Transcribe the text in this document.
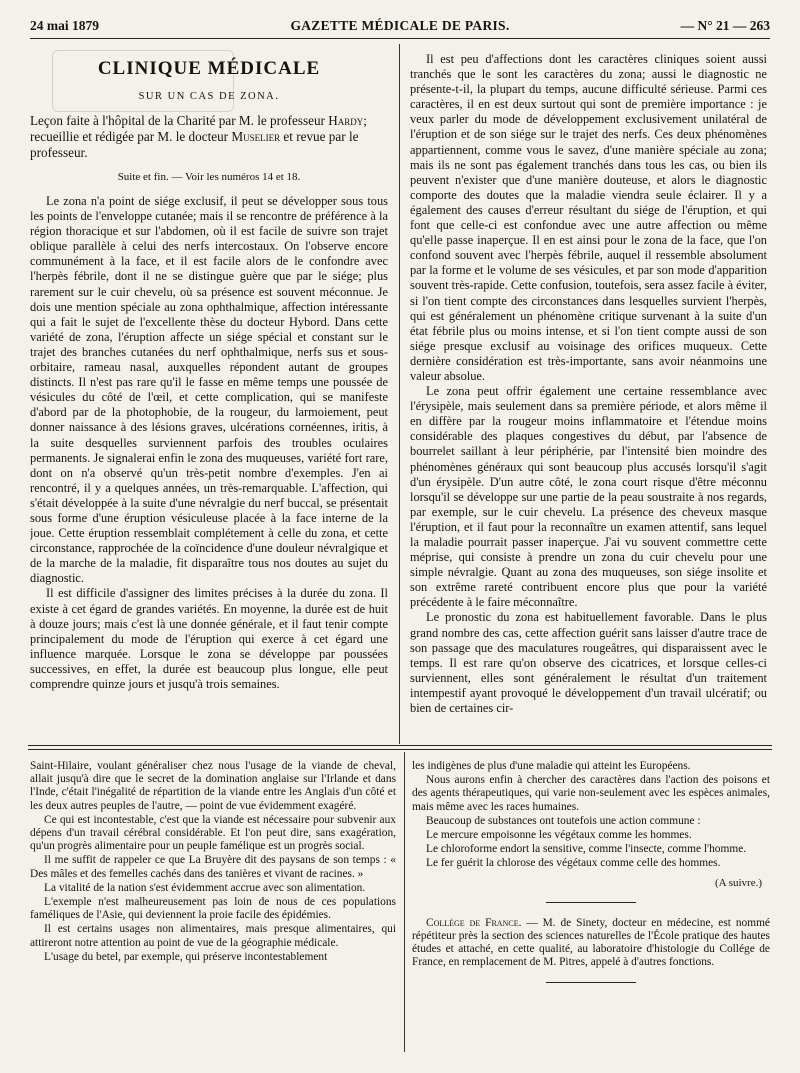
24 mai 1879	GAZETTE MÉDICALE DE PARIS.	— N° 21 — 263
CLINIQUE MÉDICALE
SUR UN CAS DE ZONA.

Leçon faite à l'hôpital de la Charité par M. le professeur Hardy; recueillie et rédigée par M. le docteur Muselier et revue par le professeur.

Suite et fin. — Voir les numéros 14 et 18.

Le zona n'a point de siége exclusif, il peut se développer sous tous les points de l'enveloppe cutanée; mais il se rencontre de préférence à la région thoracique et sur l'abdomen, où il est facile de suivre son trajet oblique parallèle à celui des nerfs intercostaux. On l'observe encore communément à la face, et il est facile alors de le confondre avec l'herpès fébrile, dont il ne se distingue guère que par le siége; plus rarement sur le cuir chevelu, où sa présence est souvent méconnue. Je dois une mention spéciale au zona ophthalmique, affection intéressante qui a fait le sujet de l'excellente thèse du docteur Hybord. Dans cette variété de zona, l'éruption affecte un siége spécial et constant sur le trajet des branches cutanées du nerf ophthalmique, nerfs sus et sous-orbitaire, rameau nasal, auxquelles répondent autant de groupes distincts. Il n'est pas rare qu'il le fasse en même temps une poussée de vésicules du côté de l'œil, et cette complication, qui se manifeste d'abord par de la photophobie, de la rougeur, du larmoiement, peut donner naissance à des lésions graves, ulcérations cornéennes, iritis, à la suite desquelles surviennent parfois des troubles oculaires permanents. Je signalerai enfin le zona des muqueuses, variété fort rare, dont on n'a observé qu'un très-petit nombre d'exemples. J'en ai rencontré, il y a quelques années, un très-remarquable. L'affection, qui s'était développée à la suite d'une névralgie du nerf buccal, se présentait sous forme d'une éruption vésiculeuse placée à la face interne de la joue. Cette éruption ressemblait complétement à celle du zona, et cette circonstance, rapprochée de la coïncidence d'une douleur névralgique et de la marche de la maladie, fit disparaître tous nos doutes au sujet du diagnostic.

Il est difficile d'assigner des limites précises à la durée du zona. Il existe à cet égard de grandes variétés. En moyenne, la durée est de huit à douze jours; mais c'est là une donnée générale, et il faut tenir compte principalement du mode de l'éruption qui exerce à cet égard une influence marquée. Lorsque le zona se développe par poussées successives, en effet, la durée est beaucoup plus longue, elle peut comprendre quinze jours et jusqu'à trois semaines.

Il est peu d'affections dont les caractères cliniques soient aussi tranchés que le sont les caractères du zona; aussi le diagnostic ne présente-t-il, la plupart du temps, aucune difficulté sérieuse. Parmi ces caractères, il en est deux surtout qui sont de première importance : je veux parler du mode de développement exclusivement unilatéral de l'éruption et de son siége sur le trajet des nerfs. Ces deux phénomènes appartiennent, comme vous le savez, d'une manière spéciale au zona; mais ils ne sont pas également tranchés dans tous les cas, ou bien ils peuvent n'exister que d'une manière douteuse, et alors le diagnostic comporte des doutes que la maladie viendra seule éclairer. Il y a également des causes d'erreur résultant du siége de l'éruption, et qui font que celle-ci est confondue avec une autre affection ou même qu'elle passe inaperçue. Il en est ainsi pour le zona de la face, que l'on confond souvent avec l'herpès fébrile, auquel il ressemble absolument par la forme et le volume de ses vésicules, et par son mode d'apparition souvent très-rapide. Cette confusion, toutefois, sera assez facile à éviter, si l'on tient compte des circonstances dans lesquelles survient l'herpès, qui est généralement un phénomène critique survenant à la suite d'un état fébrile plus ou moins intense, et si l'on tient compte aussi de son siége presque exclusif au voisinage des orifices muqueux. Cette dernière considération est très-importante, sans avoir néanmoins une valeur absolue.

Le zona peut offrir également une certaine ressemblance avec l'érysipèle, mais seulement dans sa première période, et alors même il en diffère par la rougeur moins inflammatoire et l'étendue moins considérable des plaques congestives du début, par l'absence de bourrelet saillant à leur périphérie, par l'intensité bien moindre des phénomènes généraux qui sont beaucoup plus accusés lorsqu'il s'agit d'un érysipèle. D'un autre côté, le zona court risque d'être méconnu lorsqu'il se développe sur une partie de la peau soustraite à nos regards, par exemple, sur le cuir chevelu. La présence des cheveux masque l'éruption, et il faut pour la reconnaître un examen attentif, sans lequel la maladie pourrait passer inaperçue. J'ai vu souvent commettre cette méprise, qui consiste à prendre un zona du cuir chevelu pour une simple névralgie. Quant au zona des muqueuses, son siége insolite et son extrême rareté contribuent encore plus que pour la variété précédente à le faire méconnaître.

Le pronostic du zona est habituellement favorable. Dans le plus grand nombre des cas, cette affection guérit sans laisser d'autre trace de son passage que des maculatures rougeâtres, qui disparaissent avec le temps. Il est rare qu'on observe des cicatrices, et lorsque celles-ci surviennent, elles sont généralement le résultat d'un traitement intempestif ayant provoqué le développement d'un travail ulcératif; ou bien de certaines cir-

Saint-Hilaire, voulant généraliser chez nous l'usage de la viande de cheval, allait jusqu'à dire que le secret de la domination anglaise sur l'Irlande et dans l'Inde, c'était l'inégalité de répartition de la viande entre les Anglais d'un côté et les deux autres peuples de l'autre, — point de vue évidemment exagéré.

Ce qui est incontestable, c'est que la viande est nécessaire pour subvenir aux dépens d'un travail cérébral considérable. Et l'on peut dire, sans exagération, qu'un progrès alimentaire pour un peuple famélique est un progrès social.

Il me suffit de rappeler ce que La Bruyère dit des paysans de son temps : « Des mâles et des femelles cachés dans des tanières et vivant de racines. »

La vitalité de la nation s'est évidemment accrue avec son alimentation.

L'exemple n'est malheureusement pas loin de nous de ces populations faméliques de l'Asie, qui deviennent la proie facile des épidémies.

Il est certains usages non alimentaires, mais presque alimentaires, qui attireront notre attention au point de vue de la géographie médicale.

L'usage du betel, par exemple, qui préserve incontestablement

les indigènes de plus d'une maladie qui atteint les Européens.

Nous aurons enfin à chercher des caractères dans l'action des poisons et des agents thérapeutiques, qui varie non-seulement avec les espèces animales, mais même avec les races humaines.

Beaucoup de substances ont toutefois une action commune :

Le mercure empoisonne les végétaux comme les hommes.

Le chloroforme endort la sensitive, comme l'insecte, comme l'homme.

Le fer guérit la chlorose des végétaux comme celle des hommes.

(A suivre.)

Collége de France. — M. de Sinety, docteur en médecine, est nommé répétiteur près la section des sciences naturelles de l'École pratique des hautes études et attaché, en cette qualité, au laboratoire d'histologie du Collége de France, en remplacement de M. Pitres, appelé à d'autres fonctions.
